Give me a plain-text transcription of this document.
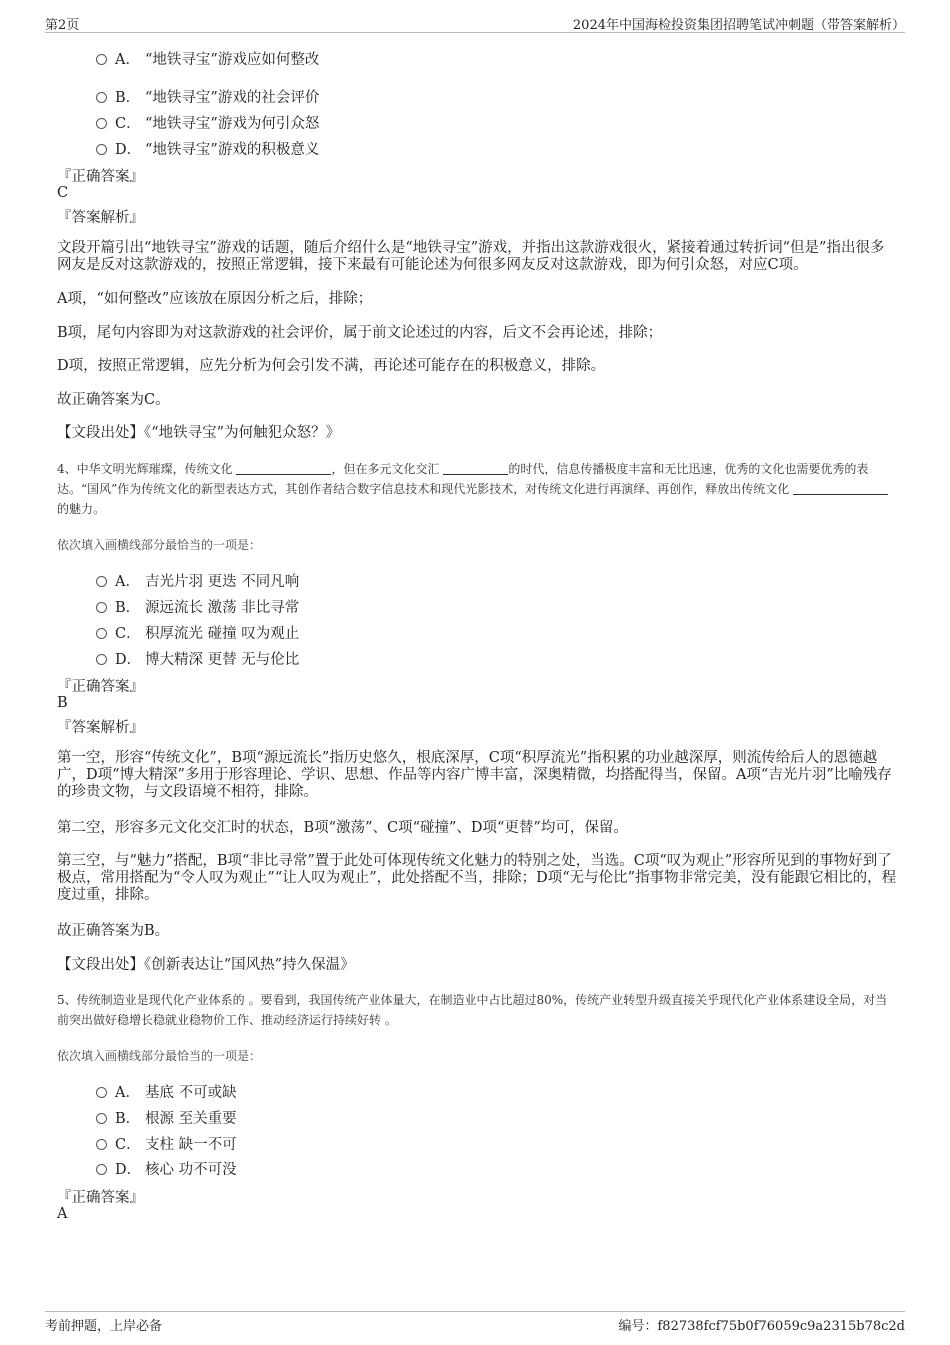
第2页	2024年中国海检投资集团招聘笔试冲刺题（带答案解析）
A． “地铁寻宝”游戏应如何整改
B． “地铁寻宝”游戏的社会评价
C． “地铁寻宝”游戏为何引众怒
D． “地铁寻宝”游戏的积极意义
『正确答案』
C
『答案解析』
文段开篇引出“地铁寻宝”游戏的话题，随后介绍什么是“地铁寻宝”游戏，并指出这款游戏很火，紧接着通过转折词“但是”指出很多网友是反对这款游戏的，按照正常逻辑，接下来最有可能论述为何很多网友反对这款游戏，即为何引众怒，对应C项。
A项，“如何整改”应该放在原因分析之后，排除；
B项，尾句内容即为对这款游戏的社会评价，属于前文论述过的内容，后文不会再论述，排除；
D项，按照正常逻辑，应先分析为何会引发不满，再论述可能存在的积极意义，排除。
故正确答案为C。
【文段出处】《“地铁寻宝”为何触犯众怒？》
4、中华文明光辉璀璨，传统文化	，但在多元文化交汇	的时代，信息传播极度丰富和无比迅速，优秀的文化也需要优秀的表达。“国风”作为传统文化的新型表达方式，其创作者结合数字信息技术和现代光影技术，对传统文化进行再演绎、再创作，释放出传统文化 的魅力。
依次填入画横线部分最恰当的一项是：
A． 吉光片羽 更迭 不同凡响
B． 源远流长 激荡 非比寻常
C． 积厚流光 碰撞 叹为观止
D． 博大精深 更替 无与伦比
『正确答案』
B
『答案解析』
第一空，形容“传统文化”，B项“源远流长”指历史悠久，根底深厚，C项“积厚流光”指积累的功业越深厚，则流传给后人的恩德越广，D项“博大精深”多用于形容理论、学识、思想、作品等内容广博丰富，深奥精微，均搭配得当，保留。A项“吉光片羽”比喻残存的珍贵文物，与文段语境不相符，排除。
第二空，形容多元文化交汇时的状态，B项“激荡”、C项“碰撞”、D项“更替”均可，保留。
第三空，与“魅力”搭配，B项“非比寻常”置于此处可体现传统文化魅力的特别之处，当选。C项“叹为观止”形容所见到的事物好到了极点，常用搭配为“令人叹为观止”“让人叹为观止”，此处搭配不当，排除；D项“无与伦比”指事物非常完美，没有能跟它相比的，程度过重，排除。
故正确答案为B。
【文段出处】《创新表达让“国风热”持久保温》
5、传统制造业是现代化产业体系的 。要看到，我国传统产业体量大，在制造业中占比超过80%，传统产业转型升级直接关乎现代化产业体系建设全局，对当前突出做好稳增长稳就业稳物价工作、推动经济运行持续好转 。
依次填入画横线部分最恰当的一项是：
A． 基底 不可或缺
B． 根源 至关重要
C． 支柱 缺一不可
D． 核心 功不可没
『正确答案』
A
考前押题，上岸必备	编号：f82738fcf75b0f76059c9a2315b78c2d
